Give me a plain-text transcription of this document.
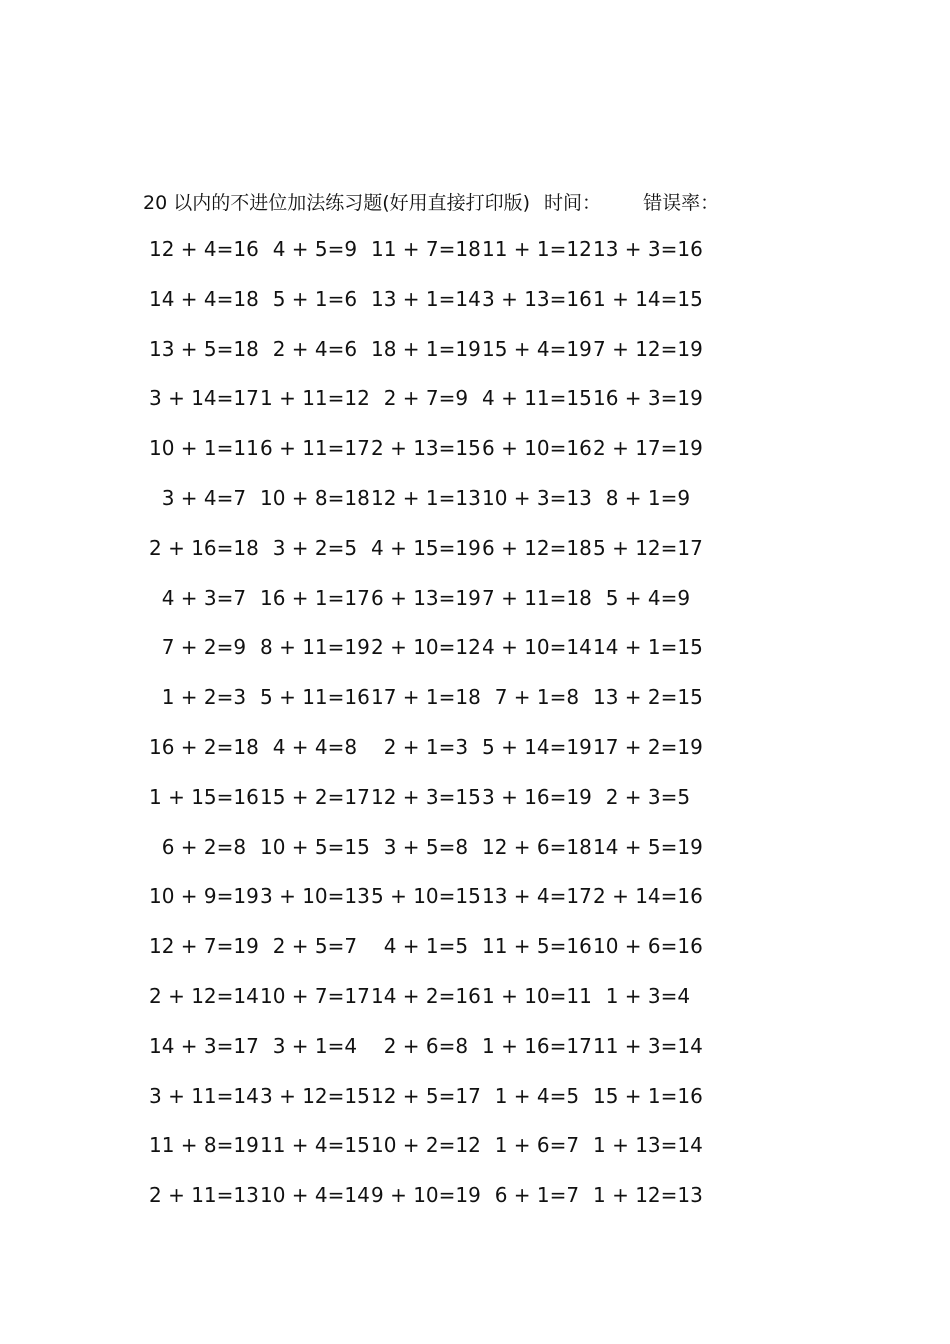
20 以内的不进位加法练习题(好用直接打印版) 时间： 错误率：
12 + 4=16 4 + 5=9 11 + 7=18 11 + 1=12 13 + 3=16
14 + 4=18 5 + 1=6 13 + 1=14 3 + 13=16 1 + 14=15
13 + 5=18 2 + 4=6 18 + 1=19 15 + 4=19 7 + 12=19
3 + 14=17 1 + 11=12 2 + 7=9 4 + 11=15 16 + 3=19
10 + 1=11 6 + 11=17 2 + 13=15 6 + 10=16 2 + 17=19
3 + 4=7 10 + 8=18 12 + 1=13 10 + 3=13 8 + 1=9
2 + 16=18 3 + 2=5 4 + 15=19 6 + 12=18 5 + 12=17
4 + 3=7 16 + 1=17 6 + 13=19 7 + 11=18 5 + 4=9
7 + 2=9 8 + 11=19 2 + 10=12 4 + 10=14 14 + 1=15
1 + 2=3 5 + 11=16 17 + 1=18 7 + 1=8 13 + 2=15
16 + 2=18 4 + 4=8 2 + 1=3 5 + 14=19 17 + 2=19
1 + 15=16 15 + 2=17 12 + 3=15 3 + 16=19 2 + 3=5
6 + 2=8 10 + 5=15 3 + 5=8 12 + 6=18 14 + 5=19
10 + 9=19 3 + 10=13 5 + 10=15 13 + 4=17 2 + 14=16
12 + 7=19 2 + 5=7 4 + 1=5 11 + 5=16 10 + 6=16
2 + 12=14 10 + 7=17 14 + 2=16 1 + 10=11 1 + 3=4
14 + 3=17 3 + 1=4 2 + 6=8 1 + 16=17 11 + 3=14
3 + 11=14 3 + 12=15 12 + 5=17 1 + 4=5 15 + 1=16
11 + 8=19 11 + 4=15 10 + 2=12 1 + 6=7 1 + 13=14
2 + 11=13 10 + 4=14 9 + 10=19 6 + 1=7 1 + 12=13
